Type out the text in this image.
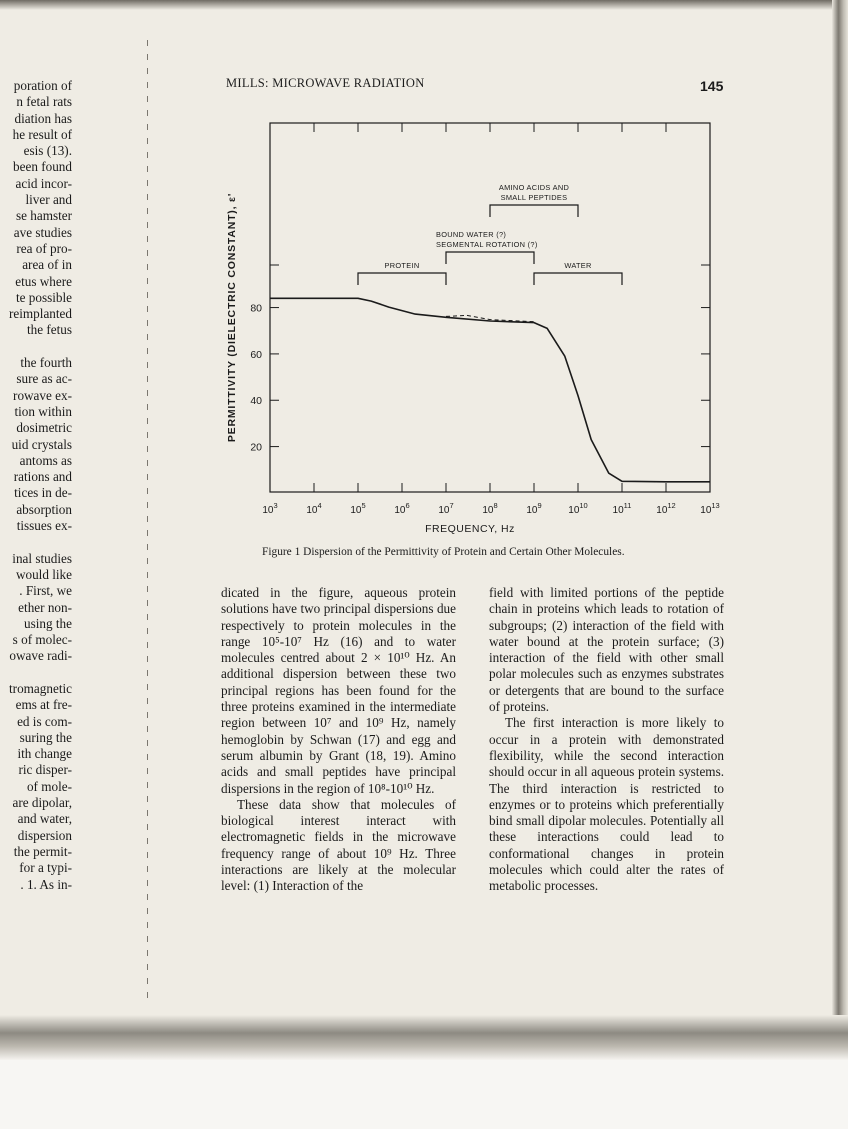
poration of
n fetal rats
diation has
he result of
esis (13).
been found
acid incor-
liver and
se hamster
ave studies
rea of pro-
area of in
etus where
te possible
reimplanted
the fetus

the fourth
sure as ac-
rowave ex-
tion within
dosimetric
uid crystals
antoms as
rations and
tices in de-
absorption
tissues ex-

inal studies
would like
. First, we
ether non-
using the
s of molec-
owave radi-

tromagnetic
ems at fre-
ed is com-
suring the
ith change
ric disper-
of mole-
are dipolar,
and water,
dispersion
the permit-
for a typi-
. 1. As in-
MILLS: MICROWAVE RADIATION	145
$10^3$	$10^4$	$10^5$	$10^6$	$10^7$	$10^8$	$10^9$	$10^{10}$ $10^{11}$ $10^{12}$ $10^{13}$
20
40
60
80
FREQUENCY, Hz
PERMITTIVITY (DIELECTRIC CONSTANT), ε'	PROTEIN
BOUND WATER (?)
SEGMENTAL ROTATION (?)
WATER
AMINO ACIDS AND
SMALL PEPTIDES
Figure 1 Dispersion of the Permittivity of Protein and Certain Other Molecules.

dicated in the figure, aqueous protein solutions have two principal dispersions due respectively to protein molecules in the range 10⁵-10⁷ Hz (16) and to water molecules centred about 2 × 10¹⁰ Hz. An additional dispersion between these two principal regions has been found for the three proteins examined in the intermediate region between 10⁷ and 10⁹ Hz, namely hemoglobin by Schwan (17) and egg and serum albumin by Grant (18, 19). Amino acids and small peptides have principal dispersions in the region of 10⁸-10¹⁰ Hz.

These data show that molecules of biological interest interact with electromagnetic fields in the microwave frequency range of about 10⁹ Hz. Three interactions are likely at the molecular level: (1) Interaction of the

field with limited portions of the peptide chain in proteins which leads to rotation of subgroups; (2) interaction of the field with water bound at the protein surface; (3) interaction of the field with other small polar molecules such as enzymes substrates or detergents that are bound to the surface of proteins.

The first interaction is more likely to occur in a protein with demonstrated flexibility, while the second interaction should occur in all aqueous protein systems. The third interaction is restricted to enzymes or to proteins which preferentially bind small dipolar molecules. Potentially all these interactions could lead to conformational changes in protein molecules which could alter the rates of metabolic processes.
